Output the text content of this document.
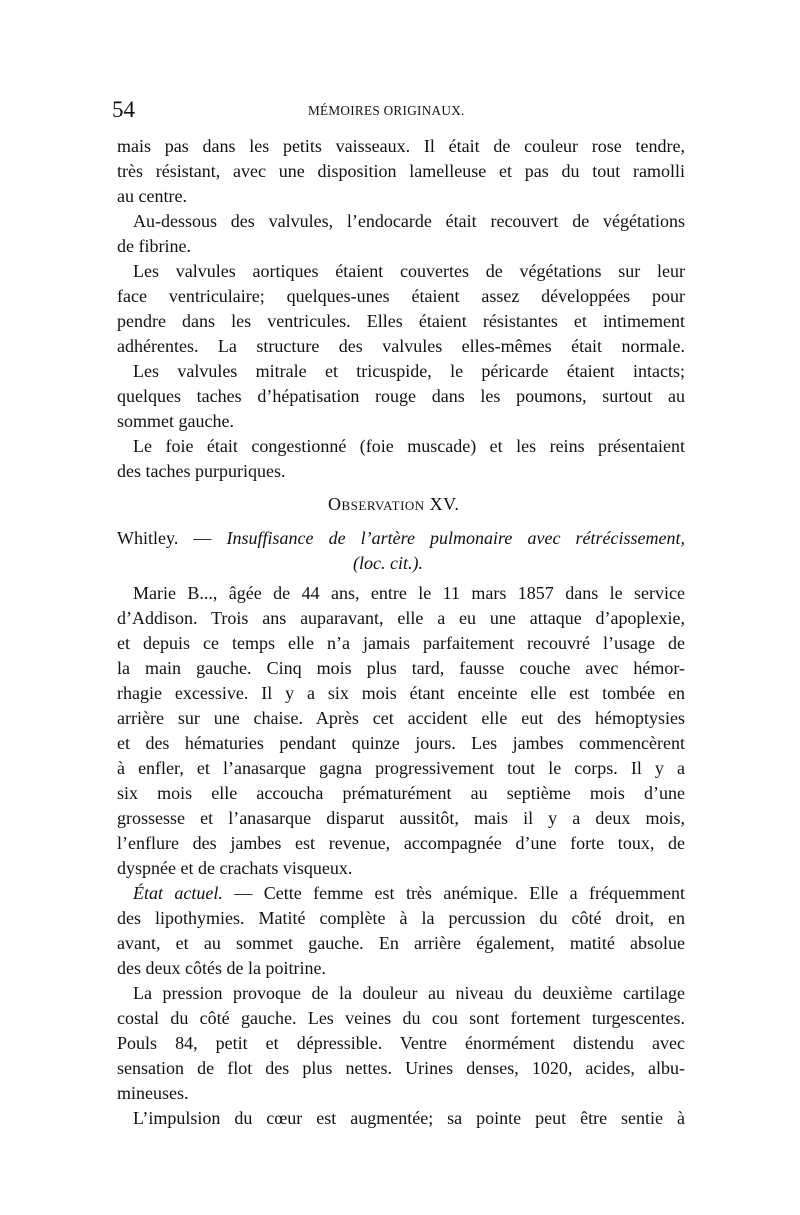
54	MÉMOIRES ORIGINAUX.
mais pas dans les petits vaisseaux. Il était de couleur rose tendre,
très résistant, avec une disposition lamelleuse et pas du tout ramolli
au centre.
Au-dessous des valvules, l’endocarde était recouvert de végétations
de fibrine.
Les valvules aortiques étaient couvertes de végétations sur leur
face ventriculaire; quelques-unes étaient assez développées pour
pendre dans les ventricules. Elles étaient résistantes et intimement
adhérentes. La structure des valvules elles-mêmes était normale.
Les valvules mitrale et tricuspide, le péricarde étaient intacts;
quelques taches d’hépatisation rouge dans les poumons, surtout au
sommet gauche.
Le foie était congestionné (foie muscade) et les reins présentaient
des taches purpuriques.
Observation XV.
Whitley. — Insuffisance de l’artère pulmonaire avec rétrécissement,
(loc. cit.).
Marie B..., âgée de 44 ans, entre le 11 mars 1857 dans le service
d’Addison. Trois ans auparavant, elle a eu une attaque d’apoplexie,
et depuis ce temps elle n’a jamais parfaitement recouvré l’usage de
la main gauche. Cinq mois plus tard, fausse couche avec hémor-
rhagie excessive. Il y a six mois étant enceinte elle est tombée en
arrière sur une chaise. Après cet accident elle eut des hémoptysies
et des hématuries pendant quinze jours. Les jambes commencèrent
à enfler, et l’anasarque gagna progressivement tout le corps. Il y a
six mois elle accoucha prématurément au septième mois d’une
grossesse et l’anasarque disparut aussitôt, mais il y a deux mois,
l’enflure des jambes est revenue, accompagnée d’une forte toux, de
dyspnée et de crachats visqueux.
État actuel. — Cette femme est très anémique. Elle a fréquemment
des lipothymies. Matité complète à la percussion du côté droit, en
avant, et au sommet gauche. En arrière également, matité absolue
des deux côtés de la poitrine.
La pression provoque de la douleur au niveau du deuxième cartilage
costal du côté gauche. Les veines du cou sont fortement turgescentes.
Pouls 84, petit et dépressible. Ventre énormément distendu avec
sensation de flot des plus nettes. Urines denses, 1020, acides, albu-
mineuses.
L’impulsion du cœur est augmentée; sa pointe peut être sentie à
